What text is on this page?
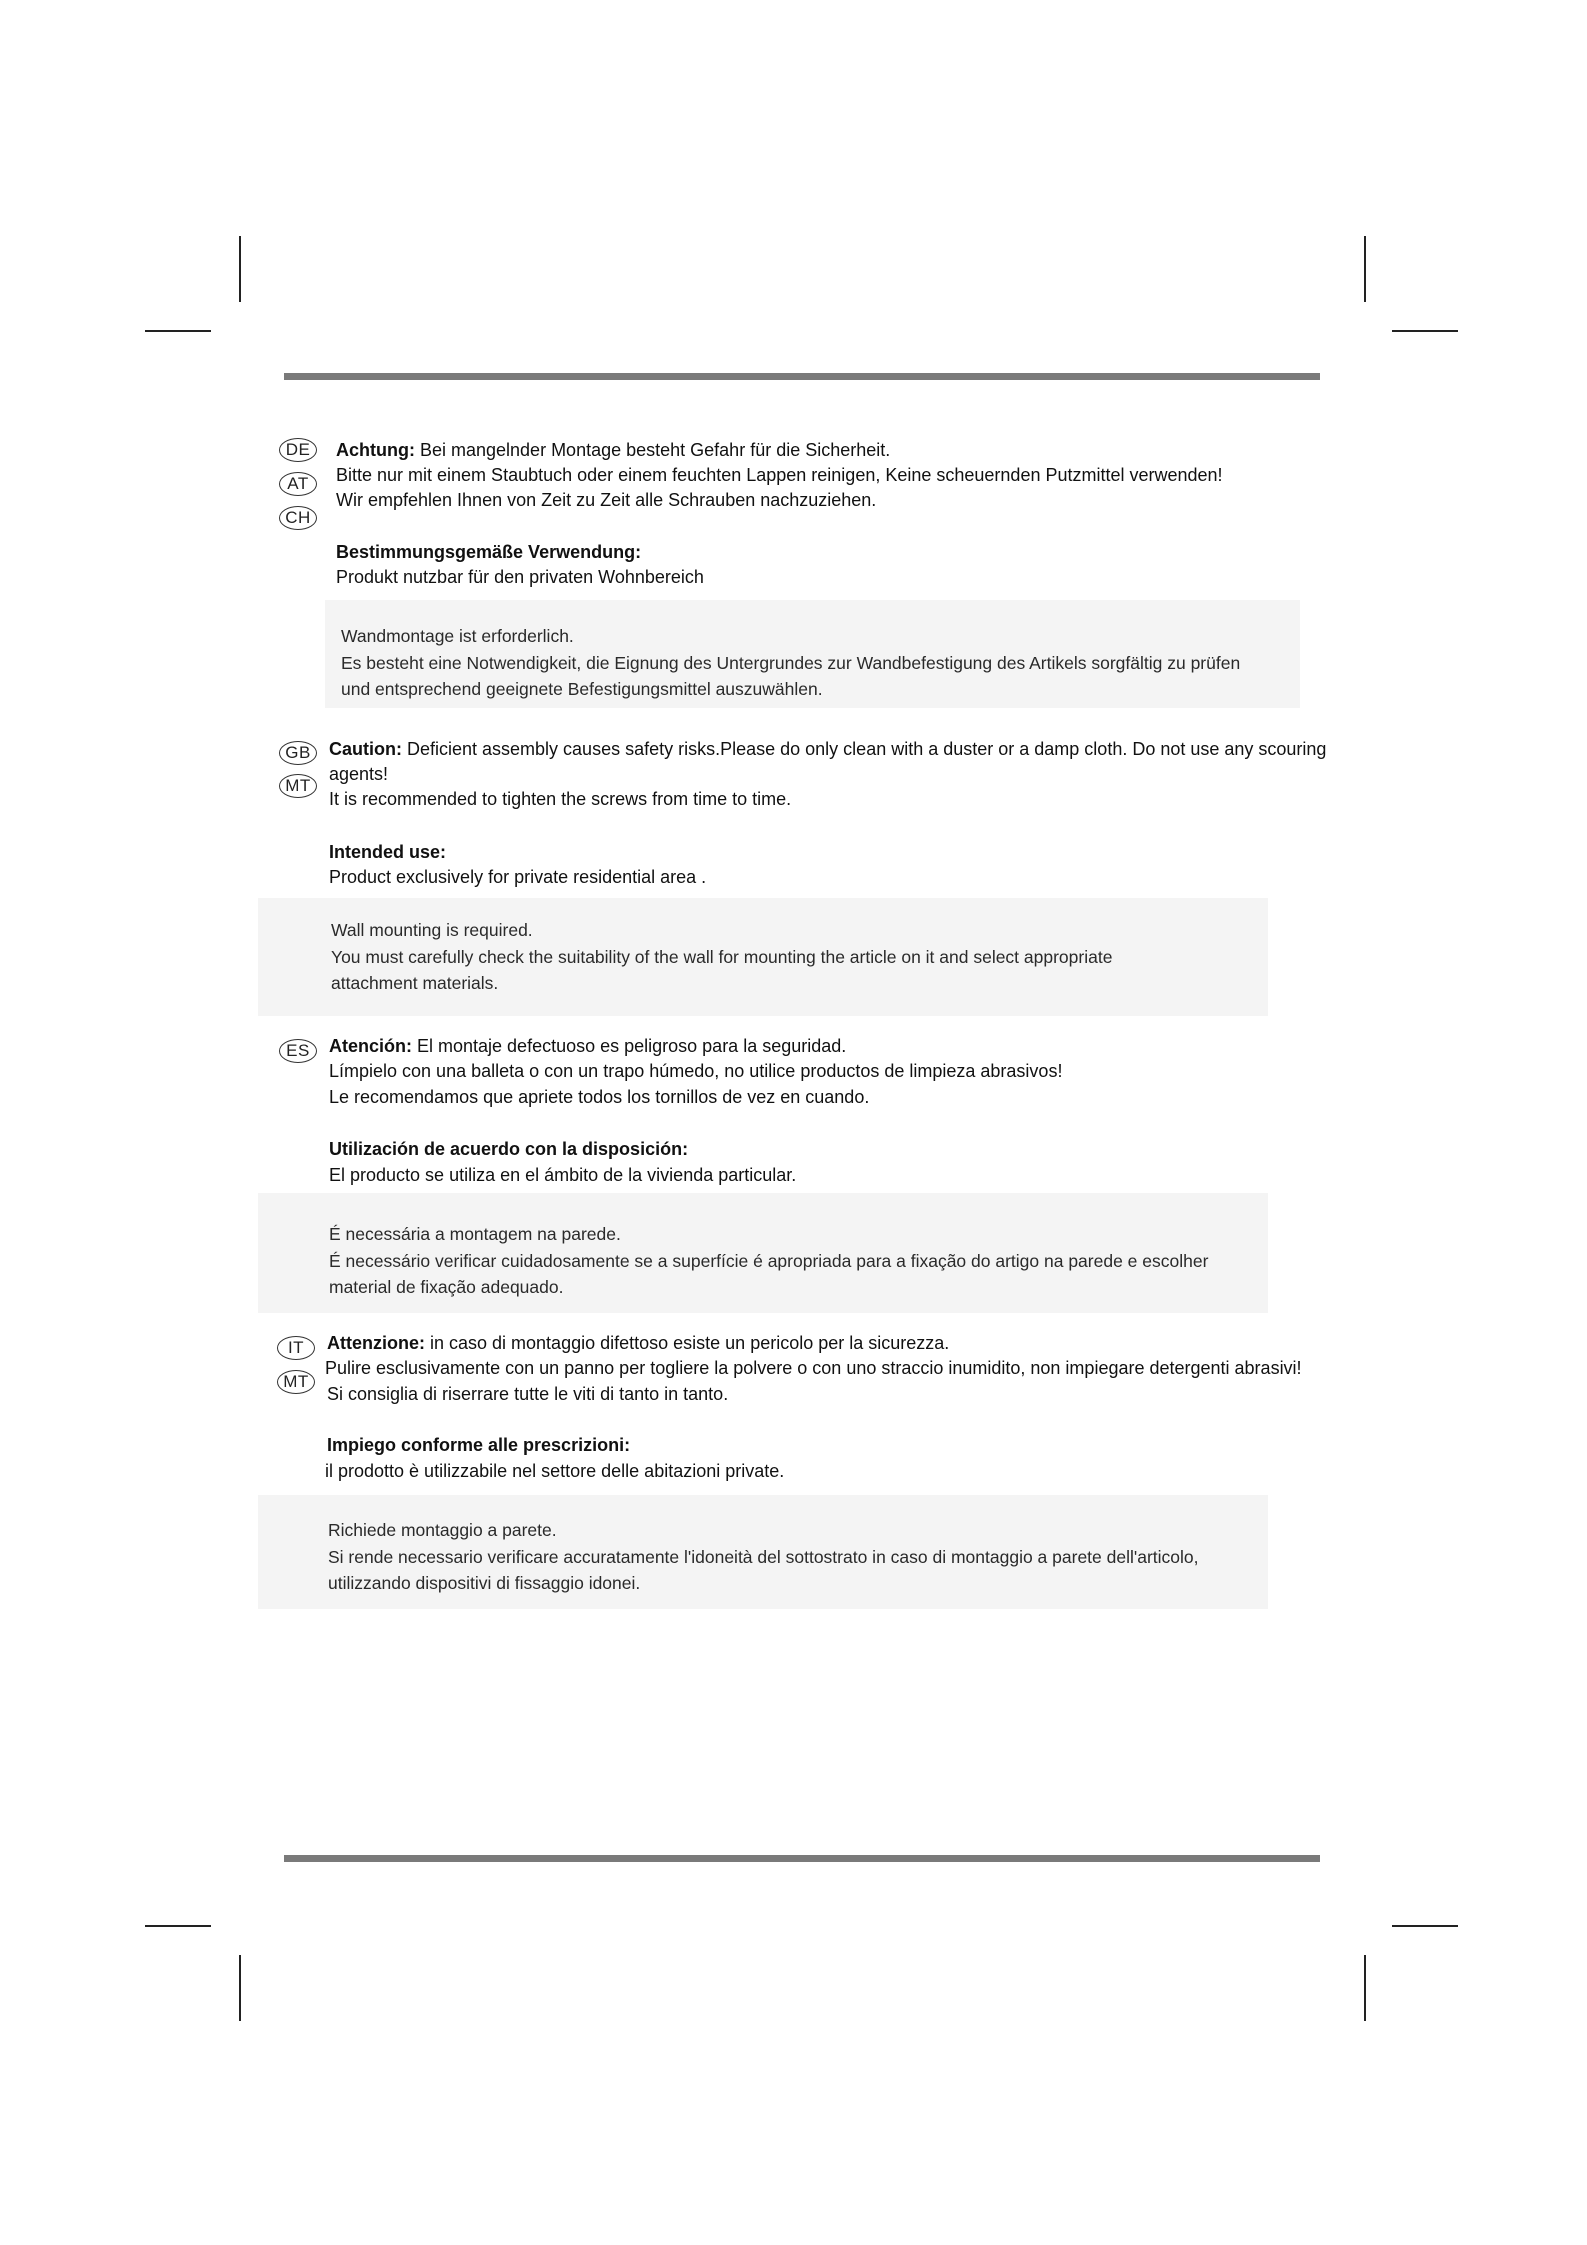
DE
AT
CH
Achtung: Bei mangelnder Montage besteht Gefahr für die Sicherheit.
Bitte nur mit einem Staubtuch oder einem feuchten Lappen reinigen, Keine scheuernden Putzmittel verwenden!
Wir empfehlen Ihnen von Zeit zu Zeit alle Schrauben nachzuziehen.
Bestimmungsgemäße Verwendung:
Produkt nutzbar für den privaten Wohnbereich
Wandmontage ist erforderlich.
Es besteht eine Notwendigkeit, die Eignung des Untergrundes zur Wandbefestigung des Artikels sorgfältig zu prüfen
und entsprechend geeignete Befestigungsmittel auszuwählen.
GB
MT
Caution: Deficient assembly causes safety risks.Please do only clean with a duster or a damp cloth. Do not use any scouring
agents!
It is recommended to tighten the screws from time to time.
Intended use:
Product exclusively for private residential area .
Wall mounting is required.
You must carefully check the suitability of the wall for mounting the article on it and select appropriate
attachment materials.
ES	Atención: El montaje defectuoso es peligroso para la seguridad.
Límpielo con una balleta o con un trapo húmedo, no utilice productos de limpieza abrasivos!
Le recomendamos que apriete todos los tornillos de vez en cuando.
Utilización de acuerdo con la disposición:
El producto se utiliza en el ámbito de la vivienda particular.
É necessária a montagem na parede.
É necessário verificar cuidadosamente se a superfície é apropriada para a fixação do artigo na parede e escolher
material de fixação adequado.
IT
MT
Attenzione: in caso di montaggio difettoso esiste un pericolo per la sicurezza.
Pulire esclusivamente con un panno per togliere la polvere o con uno straccio inumidito, non impiegare detergenti abrasivi!
Si consiglia di riserrare tutte le viti di tanto in tanto.
Impiego conforme alle prescrizioni:
il prodotto è utilizzabile nel settore delle abitazioni private.
Richiede montaggio a parete.
Si rende necessario verificare accuratamente l'idoneità del sottostrato in caso di montaggio a parete dell'articolo,
utilizzando dispositivi di fissaggio idonei.
